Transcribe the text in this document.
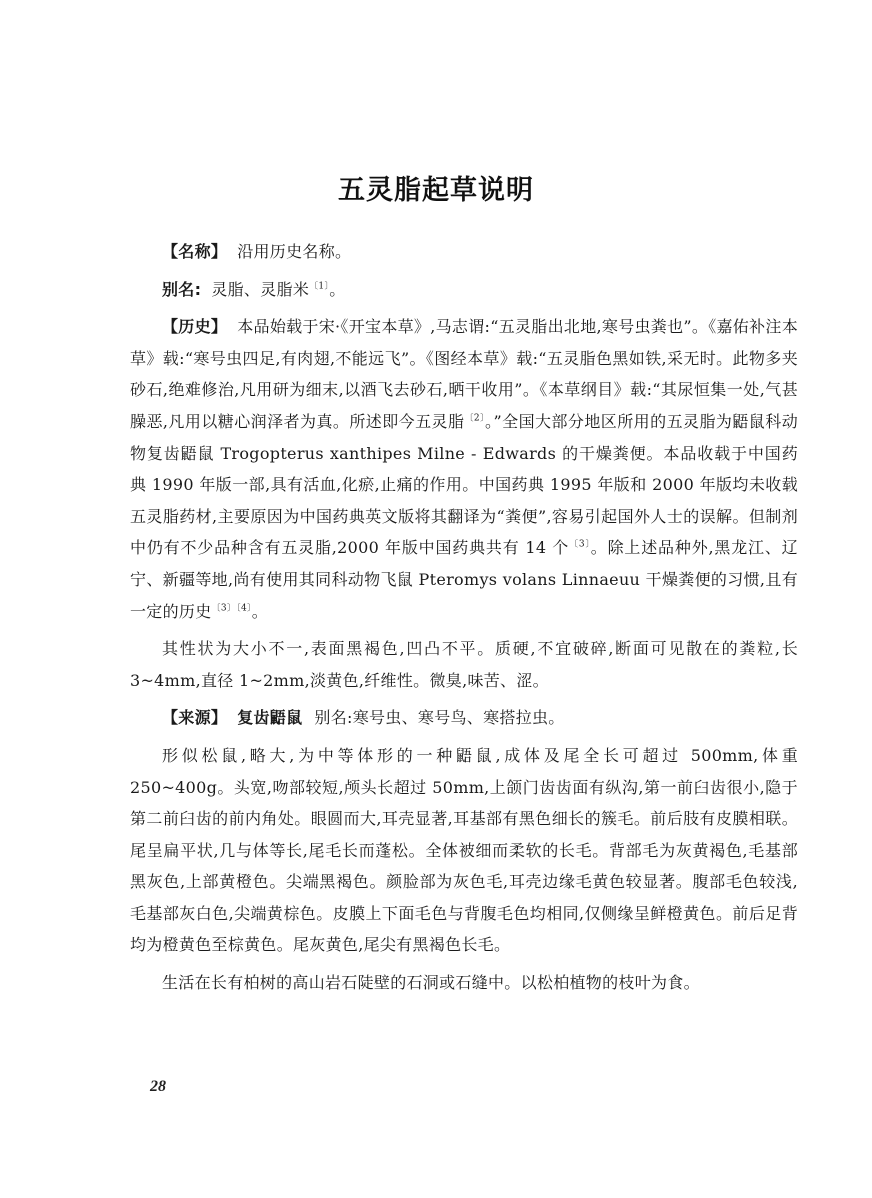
五灵脂起草说明

【名称】 沿用历史名称。

别名: 灵脂、灵脂米$^{〔1〕}$。

【历史】 本品始载于宋·《开宝本草》,马志谓:“五灵脂出北地,寒号虫粪也”。《嘉佑补注本草》载:“寒号虫四足,有肉翅,不能远飞”。《图经本草》载:“五灵脂色黑如铁,采无时。此物多夹砂石,绝难修治,凡用研为细末,以酒飞去砂石,晒干收用”。《本草纲目》载:“其尿恒集一处,气甚臊恶,凡用以糖心润泽者为真。所述即今五灵脂$^{〔2〕}$。”全国大部分地区所用的五灵脂为鼯鼠科动物复齿鼯鼠 Trogopterus xanthipes Milne - Edwards 的干燥粪便。本品收载于中国药典 1990 年版一部,具有活血,化瘀,止痛的作用。中国药典 1995 年版和 2000 年版均未收载五灵脂药材,主要原因为中国药典英文版将其翻译为“粪便”,容易引起国外人士的误解。但制剂中仍有不少品种含有五灵脂,2000 年版中国药典共有 14 个$^{〔3〕}$。除上述品种外,黑龙江、辽宁、新疆等地,尚有使用其同科动物飞鼠 Pteromys volans Linnaeuu 干燥粪便的习惯,且有一定的历史$^{〔3〕〔4〕}$。

其性状为大小不一,表面黑褐色,凹凸不平。质硬,不宜破碎,断面可见散在的粪粒,长 3~4mm,直径 1~2mm,淡黄色,纤维性。微臭,味苦、涩。

【来源】 复齿鼯鼠 别名:寒号虫、寒号鸟、寒搭拉虫。

形似松鼠,略大,为中等体形的一种鼯鼠,成体及尾全长可超过 500mm,体重 250~400g。头宽,吻部较短,颅头长超过 50mm,上颌门齿齿面有纵沟,第一前臼齿很小,隐于第二前臼齿的前内角处。眼圆而大,耳壳显著,耳基部有黑色细长的簇毛。前后肢有皮膜相联。尾呈扁平状,几与体等长,尾毛长而蓬松。全体被细而柔软的长毛。背部毛为灰黄褐色,毛基部黑灰色,上部黄橙色。尖端黑褐色。颜脸部为灰色毛,耳壳边缘毛黄色较显著。腹部毛色较浅,毛基部灰白色,尖端黄棕色。皮膜上下面毛色与背腹毛色均相同,仅侧缘呈鲜橙黄色。前后足背均为橙黄色至棕黄色。尾灰黄色,尾尖有黑褐色长毛。

生活在长有柏树的高山岩石陡壁的石洞或石缝中。以松柏植物的枝叶为食。

28
